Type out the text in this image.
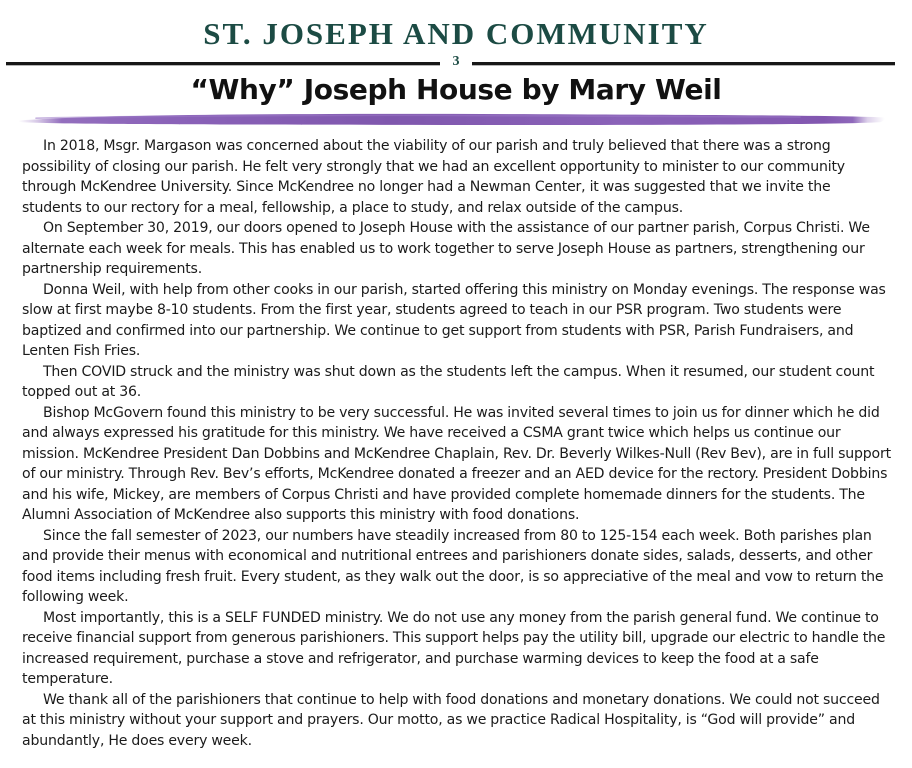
ST. JOSEPH AND COMMUNITY
3
“Why” Joseph House by Mary Weil

In 2018, Msgr. Margason was concerned about the viability of our parish and truly believed that there was a strong possibility of closing our parish. He felt very strongly that we had an excellent opportunity to minister to our community through McKendree University. Since McKendree no longer had a Newman Center, it was suggested that we invite the students to our rectory for a meal, fellowship, a place to study, and relax outside of the campus.

On September 30, 2019, our doors opened to Joseph House with the assistance of our partner parish, Corpus Christi. We alternate each week for meals. This has enabled us to work together to serve Joseph House as partners, strengthening our partnership requirements.

Donna Weil, with help from other cooks in our parish, started offering this ministry on Monday evenings. The response was slow at first maybe 8-10 students. From the first year, students agreed to teach in our PSR program. Two students were baptized and confirmed into our partnership. We continue to get support from students with PSR, Parish Fundraisers, and Lenten Fish Fries.

Then COVID struck and the ministry was shut down as the students left the campus. When it resumed, our student count topped out at 36.

Bishop McGovern found this ministry to be very successful. He was invited several times to join us for dinner which he did and always expressed his gratitude for this ministry. We have received a CSMA grant twice which helps us continue our mission. McKendree President Dan Dobbins and McKendree Chaplain, Rev. Dr. Beverly Wilkes-Null (Rev Bev), are in full support of our ministry. Through Rev. Bev’s efforts, McKendree donated a freezer and an AED device for the rectory. President Dobbins and his wife, Mickey, are members of Corpus Christi and have provided complete homemade dinners for the students. The Alumni Association of McKendree also supports this ministry with food donations.

Since the fall semester of 2023, our numbers have steadily increased from 80 to 125-154 each week. Both parishes plan and provide their menus with economical and nutritional entrees and parishioners donate sides, salads, desserts, and other food items including fresh fruit. Every student, as they walk out the door, is so appreciative of the meal and vow to return the following week.

Most importantly, this is a SELF FUNDED ministry. We do not use any money from the parish general fund. We continue to receive financial support from generous parishioners. This support helps pay the utility bill, upgrade our electric to handle the increased requirement, purchase a stove and refrigerator, and purchase warming devices to keep the food at a safe temperature.

We thank all of the parishioners that continue to help with food donations and monetary donations. We could not succeed at this ministry without your support and prayers. Our motto, as we practice Radical Hospitality, is “God will provide” and abundantly, He does every week.
